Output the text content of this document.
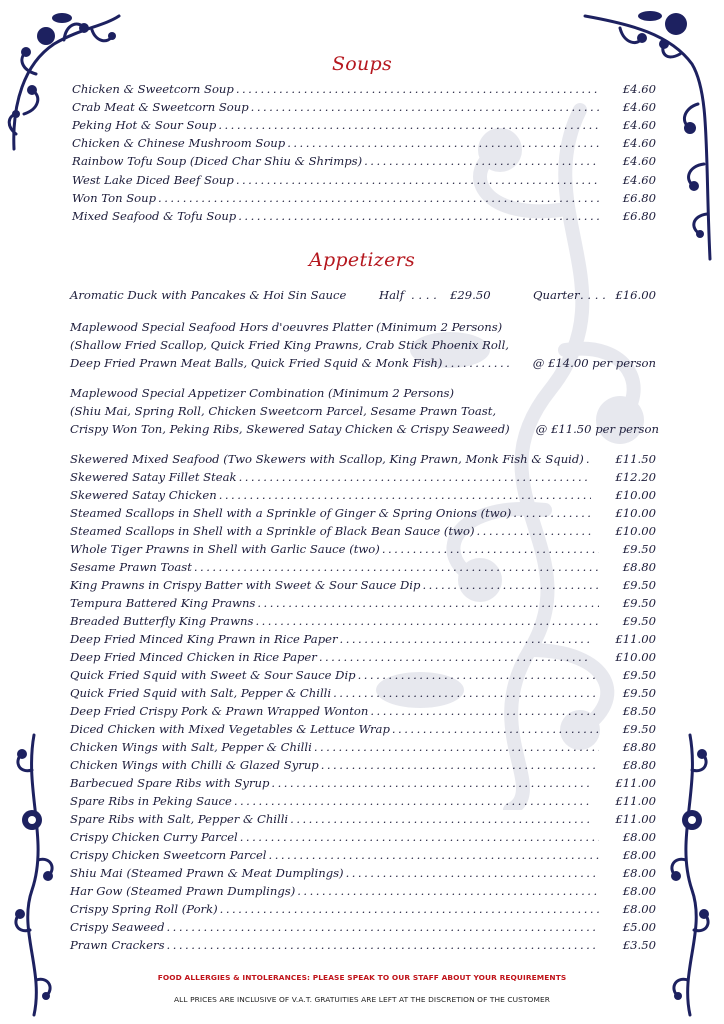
Soups
Chicken & Sweetcorn Soup . . .	£4.60
Crab Meat & Sweetcorn Soup . . .	£4.60
Peking Hot & Sour Soup . . .	£4.60
Chicken & Chinese Mushroom Soup . . .	£4.60
Rainbow Tofu Soup (Diced Char Shiu & Shrimps) . . .	£4.60
West Lake Diced Beef Soup . . .	£4.60
Won Ton Soup . . .	£6.80
Mixed Seafood & Tofu Soup . . .	£6.80
Appetizers
Aromatic Duck with Pancakes & Hoi Sin Sauce	Half . . . . £29.50	Quarter . . . . £16.00
Maplewood Special Seafood Hors d'oeuvres Platter (Minimum 2 Persons)
(Shallow Fried Scallop, Quick Fried King Prawns, Crab Stick Phoenix Roll,
Deep Fried Prawn Meat Balls, Quick Fried Squid & Monk Fish) . . .	@ £14.00 per person
Maplewood Special Appetizer Combination (Minimum 2 Persons)
(Shiu Mai, Spring Roll, Chicken Sweetcorn Parcel, Sesame Prawn Toast,
Crispy Won Ton, Peking Ribs, Skewered Satay Chicken & Crispy Seaweed) @ £11.50 per person
Skewered Mixed Seafood (Two Skewers with Scallop, King Prawn, Monk Fish & Squid) . . .	£11.50
Skewered Satay Fillet Steak . . .	£12.20
Skewered Satay Chicken . . .	£10.00
Steamed Scallops in Shell with a Sprinkle of Ginger & Spring Onions (two) . . .	£10.00
Steamed Scallops in Shell with a Sprinkle of Black Bean Sauce (two) . . .	£10.00
Whole Tiger Prawns in Shell with Garlic Sauce (two) . . .	£9.50
Sesame Prawn Toast . . .	£8.80
King Prawns in Crispy Batter with Sweet & Sour Sauce Dip . . .	£9.50
Tempura Battered King Prawns . . .	£9.50
Breaded Butterfly King Prawns . . .	£9.50
Deep Fried Minced King Prawn in Rice Paper . . .	£11.00
Deep Fried Minced Chicken in Rice Paper . . .	£10.00
Quick Fried Squid with Sweet & Sour Sauce Dip . . .	£9.50
Quick Fried Squid with Salt, Pepper & Chilli . . .	£9.50
Deep Fried Crispy Pork & Prawn Wrapped Wonton . . .	£8.50
Diced Chicken with Mixed Vegetables & Lettuce Wrap . . .	£9.50
Chicken Wings with Salt, Pepper & Chilli . . .	£8.80
Chicken Wings with Chilli & Glazed Syrup . . .	£8.80
Barbecued Spare Ribs with Syrup . . .	£11.00
Spare Ribs in Peking Sauce . . .	£11.00
Spare Ribs with Salt, Pepper & Chilli . . .	£11.00
Crispy Chicken Curry Parcel . . .	£8.00
Crispy Chicken Sweetcorn Parcel . . .	£8.00
Shiu Mai (Steamed Prawn & Meat Dumplings) . . .	£8.00
Har Gow (Steamed Prawn Dumplings) . . .	£8.00
Crispy Spring Roll (Pork) . . .	£8.00
Crispy Seaweed . . .	£5.00
Prawn Crackers . . .	£3.50
FOOD ALLERGIES & INTOLERANCES: PLEASE SPEAK TO OUR STAFF ABOUT YOUR REQUIREMENTS
ALL PRICES ARE INCLUSIVE OF V.A.T. GRATUITIES ARE LEFT AT THE DISCRETION OF THE CUSTOMER
